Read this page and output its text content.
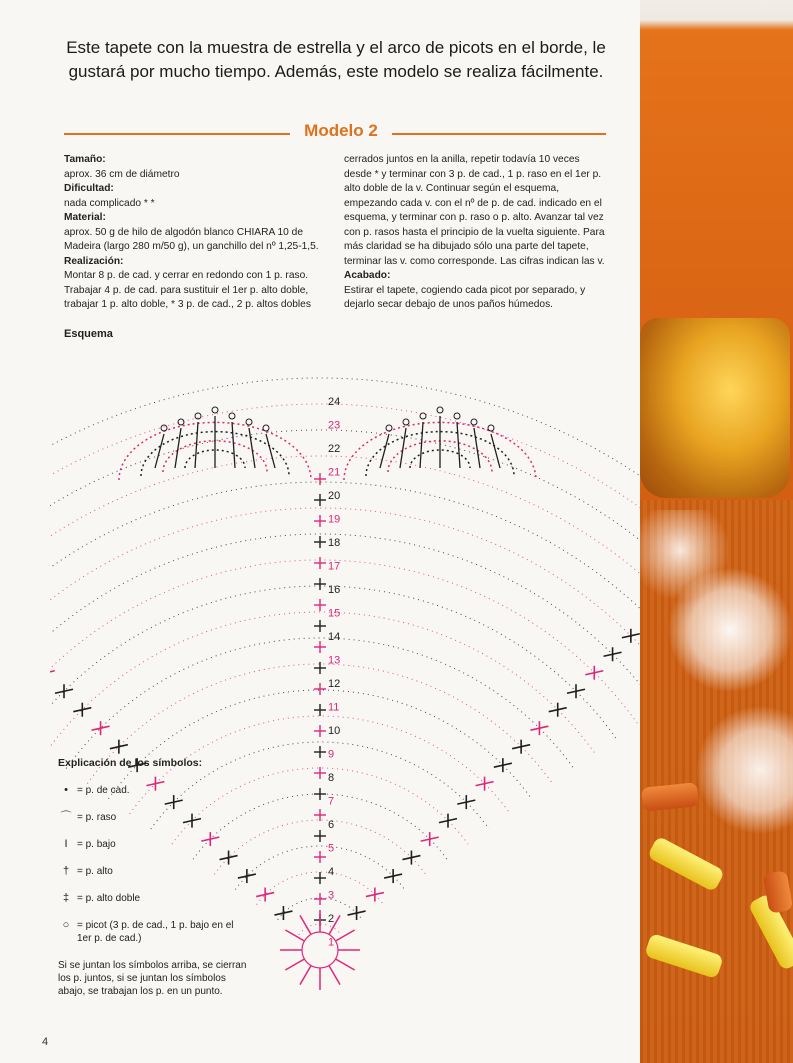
Este tapete con la muestra de estrella y el arco de picots en el borde, le gustará por mucho tiempo. Además, este modelo se realiza fácilmente.
Modelo 2

Tamaño:

aprox. 36 cm de diámetro

Dificultad:

nada complicado * *

Material:

aprox. 50 g de hilo de algodón blanco CHIARA 10 de Madeira (largo 280 m/50 g), un ganchillo del nº 1,25-1,5.

Realización:

Montar 8 p. de cad. y cerrar en redondo con 1 p. raso. Trabajar 4 p. de cad. para sustituir el 1er p. alto doble, trabajar 1 p. alto doble, * 3 p. de cad., 2 p. altos dobles

cerrados juntos en la anilla, repetir todavía 10 veces desde * y terminar con 3 p. de cad., 1 p. raso en el 1er p. alto doble de la v. Continuar según el esquema, empezando cada v. con el nº de p. de cad. indicado en el esquema, y terminar con p. raso o p. alto. Avanzar tal vez con p. rasos hasta el principio de la vuelta siguiente. Para más claridad se ha dibujado sólo una parte del tapete, terminar las v. como corresponde. Las cifras indican las v.

Acabado:

Estirar el tapete, cogiendo cada picot por separado, y dejarlo secar debajo de unos paños húmedos.

Esquema
24
23
22
21
20
19
18
17
16
15
14
13
12
11
10
9
8
7
6
5
4
3
2
1
Explicación de los símbolos:
• = p. de cad.
⌒ = p. raso
I = p. bajo
† = p. alto
‡ = p. alto doble
○ = picot (3 p. de cad., 1 p. bajo en el 1er p. de cad.)
Si se juntan los símbolos arriba, se cierran los p. juntos, si se juntan los símbolos abajo, se trabajan los p. en un punto.
4
